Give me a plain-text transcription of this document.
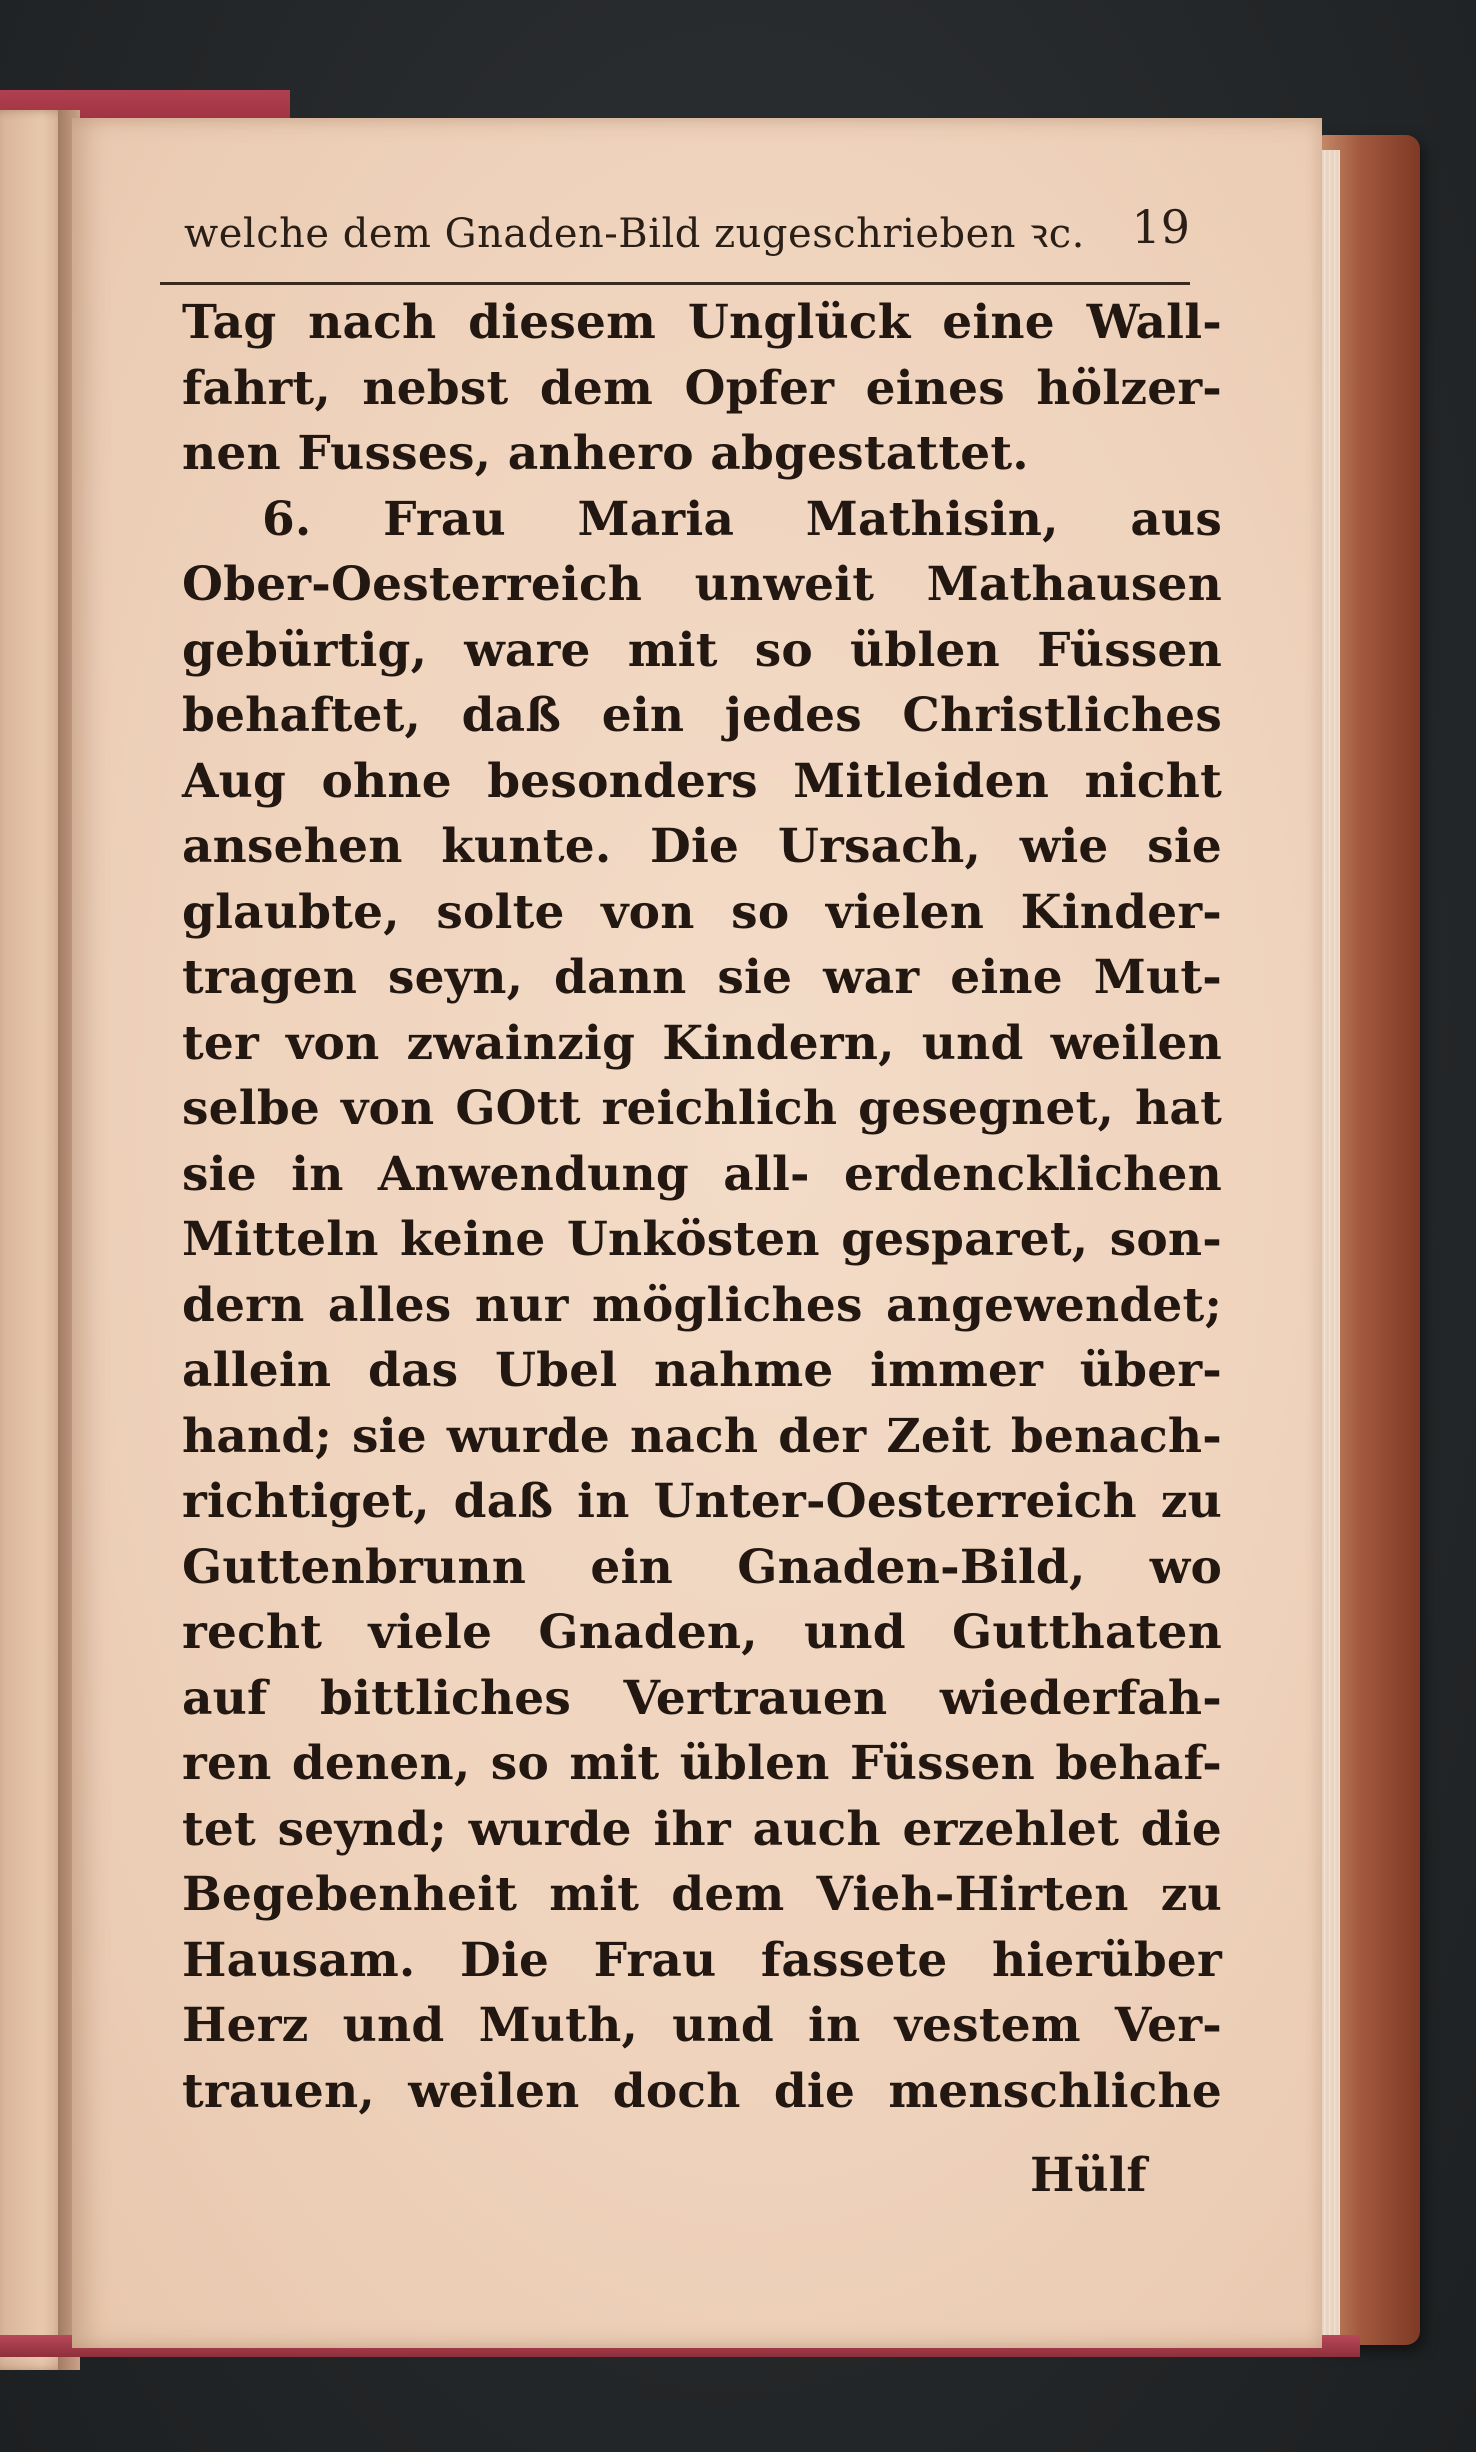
welche dem Gnaden-Bild zugeschrieben ꝛc. 19
Tag nach diesem Unglück eine Wall-
fahrt, nebst dem Opfer eines hölzer-
nen Fusses, anhero abgestattet.
6. Frau Maria Mathisin, aus
Ober-Oesterreich unweit Mathausen
gebürtig, ware mit so üblen Füssen
behaftet, daß ein jedes Christliches
Aug ohne besonders Mitleiden nicht
ansehen kunte. Die Ursach, wie sie
glaubte, solte von so vielen Kinder-
tragen seyn, dann sie war eine Mut-
ter von zwainzig Kindern, und weilen
selbe von GOtt reichlich gesegnet, hat
sie in Anwendung all- erdencklichen
Mitteln keine Unkösten gesparet, son-
dern alles nur mögliches angewendet;
allein das Ubel nahme immer über-
hand; sie wurde nach der Zeit benach-
richtiget, daß in Unter-Oesterreich zu
Guttenbrunn ein Gnaden-Bild, wo
recht viele Gnaden, und Gutthaten
auf bittliches Vertrauen wiederfah-
ren denen, so mit üblen Füssen behaf-
tet seynd; wurde ihr auch erzehlet die
Begebenheit mit dem Vieh-Hirten zu
Hausam. Die Frau fassete hierüber
Herz und Muth, und in vestem Ver-
trauen, weilen doch die menschliche
Hülf
